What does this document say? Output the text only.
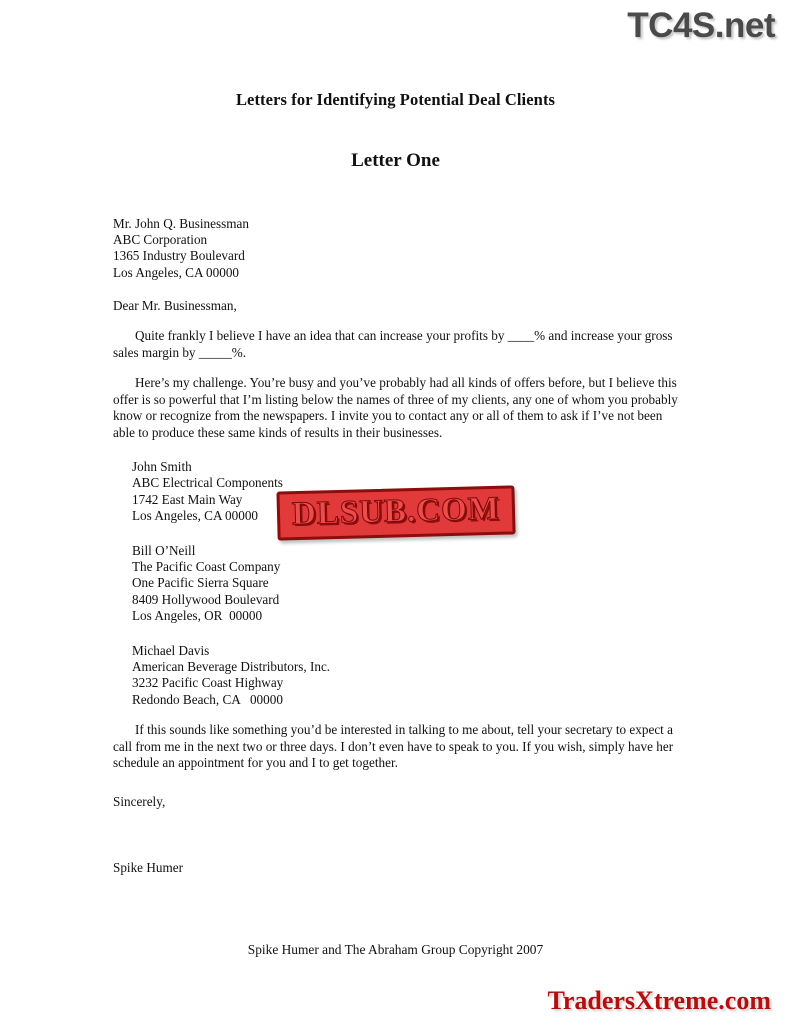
TC4S.net
Letters for Identifying Potential Deal Clients
Letter One
Mr. John Q. Businessman
ABC Corporation
1365 Industry Boulevard
Los Angeles, CA 00000
Dear Mr. Businessman,

Quite frankly I believe I have an idea that can increase your profits by ____% and increase your gross sales margin by _____%.

Here’s my challenge. You’re busy and you’ve probably had all kinds of offers before, but I believe this offer is so powerful that I’m listing below the names of three of my clients, any one of whom you probably know or recognize from the newspapers. I invite you to contact any or all of them to ask if I’ve not been able to produce these same kinds of results in their businesses.

John Smith
ABC Electrical Components
1742 East Main Way
Los Angeles, CA 00000
Bill O’Neill
The Pacific Coast Company
One Pacific Sierra Square
8409 Hollywood Boulevard
Los Angeles, OR  00000
Michael Davis
American Beverage Distributors, Inc.
3232 Pacific Coast Highway
Redondo Beach, CA   00000

If this sounds like something you’d be interested in talking to me about, tell your secretary to expect a call from me in the next two or three days. I don’t even have to speak to you. If you wish, simply have her schedule an appointment for you and I to get together.

Sincerely,
Spike Humer
DLSUB.COM
Spike Humer and The Abraham Group Copyright 2007
TradersXtreme.com
